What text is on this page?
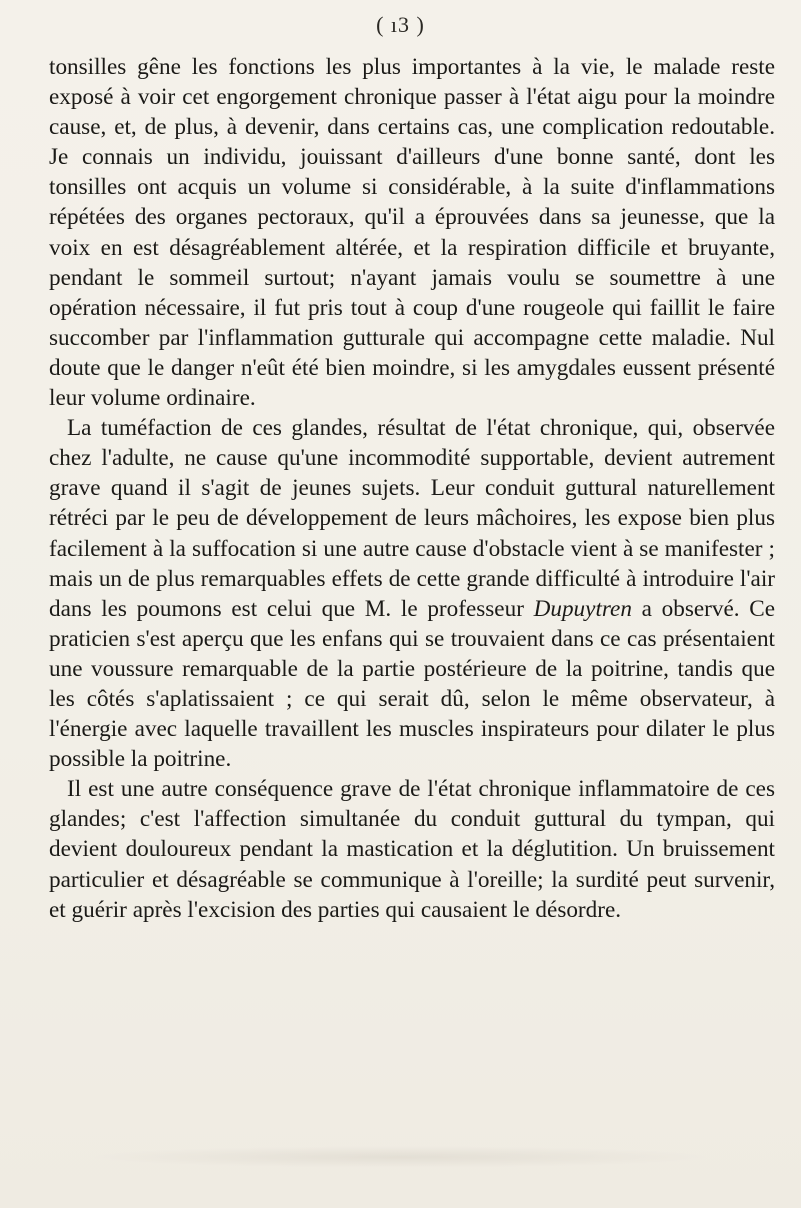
( ı3 )

tonsilles gêne les fonctions les plus importantes à la vie, le malade reste exposé à voir cet engorgement chronique passer à l'état aigu pour la moindre cause, et, de plus, à devenir, dans certains cas, une complication redoutable. Je connais un individu, jouissant d'ailleurs d'une bonne santé, dont les tonsilles ont acquis un volume si considérable, à la suite d'inflammations répétées des organes pectoraux, qu'il a éprouvées dans sa jeunesse, que la voix en est désagréablement altérée, et la respiration difficile et bruyante, pendant le sommeil surtout; n'ayant jamais voulu se soumettre à une opération nécessaire, il fut pris tout à coup d'une rougeole qui faillit le faire succomber par l'inflammation gutturale qui accompagne cette maladie. Nul doute que le danger n'eût été bien moindre, si les amygdales eussent présenté leur volume ordinaire.

La tuméfaction de ces glandes, résultat de l'état chronique, qui, observée chez l'adulte, ne cause qu'une incommodité supportable, devient autrement grave quand il s'agit de jeunes sujets. Leur conduit guttural naturellement rétréci par le peu de développement de leurs mâchoires, les expose bien plus facilement à la suffocation si une autre cause d'obstacle vient à se manifester ; mais un de plus remarquables effets de cette grande difficulté à introduire l'air dans les poumons est celui que M. le professeur Dupuytren a observé. Ce praticien s'est aperçu que les enfans qui se trouvaient dans ce cas présentaient une voussure remarquable de la partie postérieure de la poitrine, tandis que les côtés s'aplatissaient ; ce qui serait dû, selon le même observateur, à l'énergie avec laquelle travaillent les muscles inspirateurs pour dilater le plus possible la poitrine.

Il est une autre conséquence grave de l'état chronique inflammatoire de ces glandes; c'est l'affection simultanée du conduit guttural du tympan, qui devient douloureux pendant la mastication et la déglutition. Un bruissement particulier et désagréable se communique à l'oreille; la surdité peut survenir, et guérir après l'excision des parties qui causaient le désordre.
